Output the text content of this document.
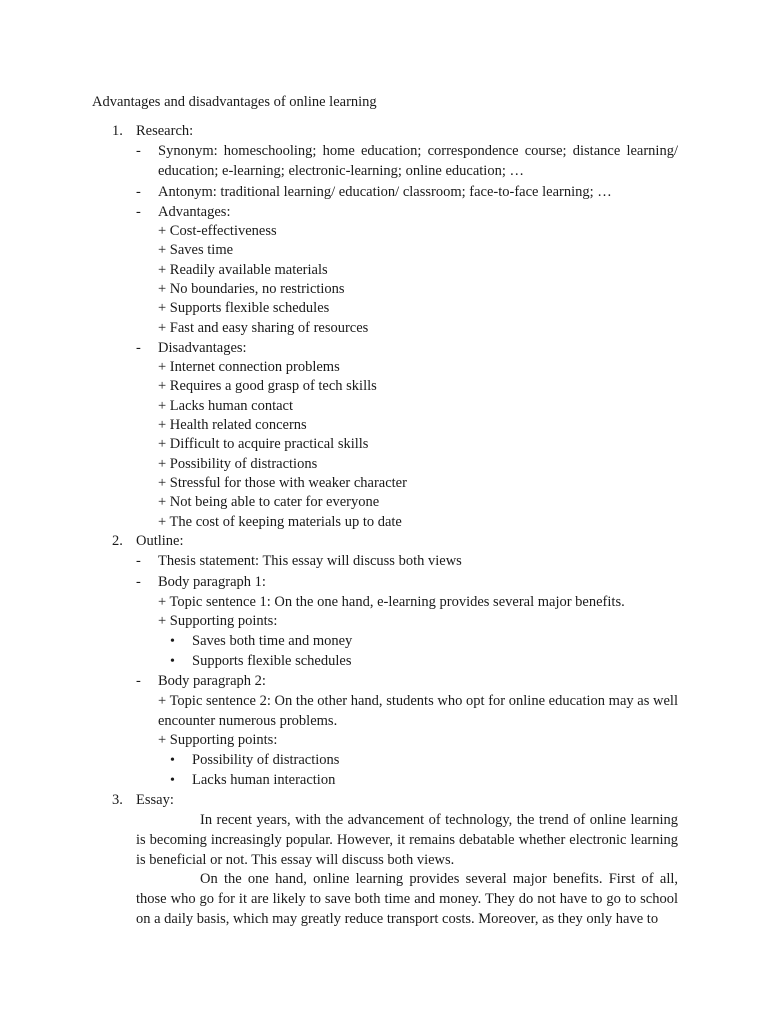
Advantages and disadvantages of online learning
1. Research:
- Synonym: homeschooling; home education; correspondence course; distance learning/ education; e-learning; electronic-learning; online education; …
- Antonym: traditional learning/ education/ classroom; face-to-face learning; …
- Advantages:
+ Cost-effectiveness
+ Saves time
+ Readily available materials
+ No boundaries, no restrictions
+ Supports flexible schedules
+ Fast and easy sharing of resources
- Disadvantages:
+ Internet connection problems
+ Requires a good grasp of tech skills
+ Lacks human contact
+ Health related concerns
+ Difficult to acquire practical skills
+ Possibility of distractions
+ Stressful for those with weaker character
+ Not being able to cater for everyone
+ The cost of keeping materials up to date
2. Outline:
- Thesis statement: This essay will discuss both views
- Body paragraph 1:
+ Topic sentence 1: On the one hand, e-learning provides several major benefits.
+ Supporting points:
• Saves both time and money
• Supports flexible schedules
- Body paragraph 2:
+ Topic sentence 2: On the other hand, students who opt for online education may as well encounter numerous problems.
+ Supporting points:
• Possibility of distractions
• Lacks human interaction
3. Essay:
In recent years, with the advancement of technology, the trend of online learning is becoming increasingly popular. However, it remains debatable whether electronic learning is beneficial or not. This essay will discuss both views.
On the one hand, online learning provides several major benefits. First of all, those who go for it are likely to save both time and money. They do not have to go to school on a daily basis, which may greatly reduce transport costs. Moreover, as they only have to
